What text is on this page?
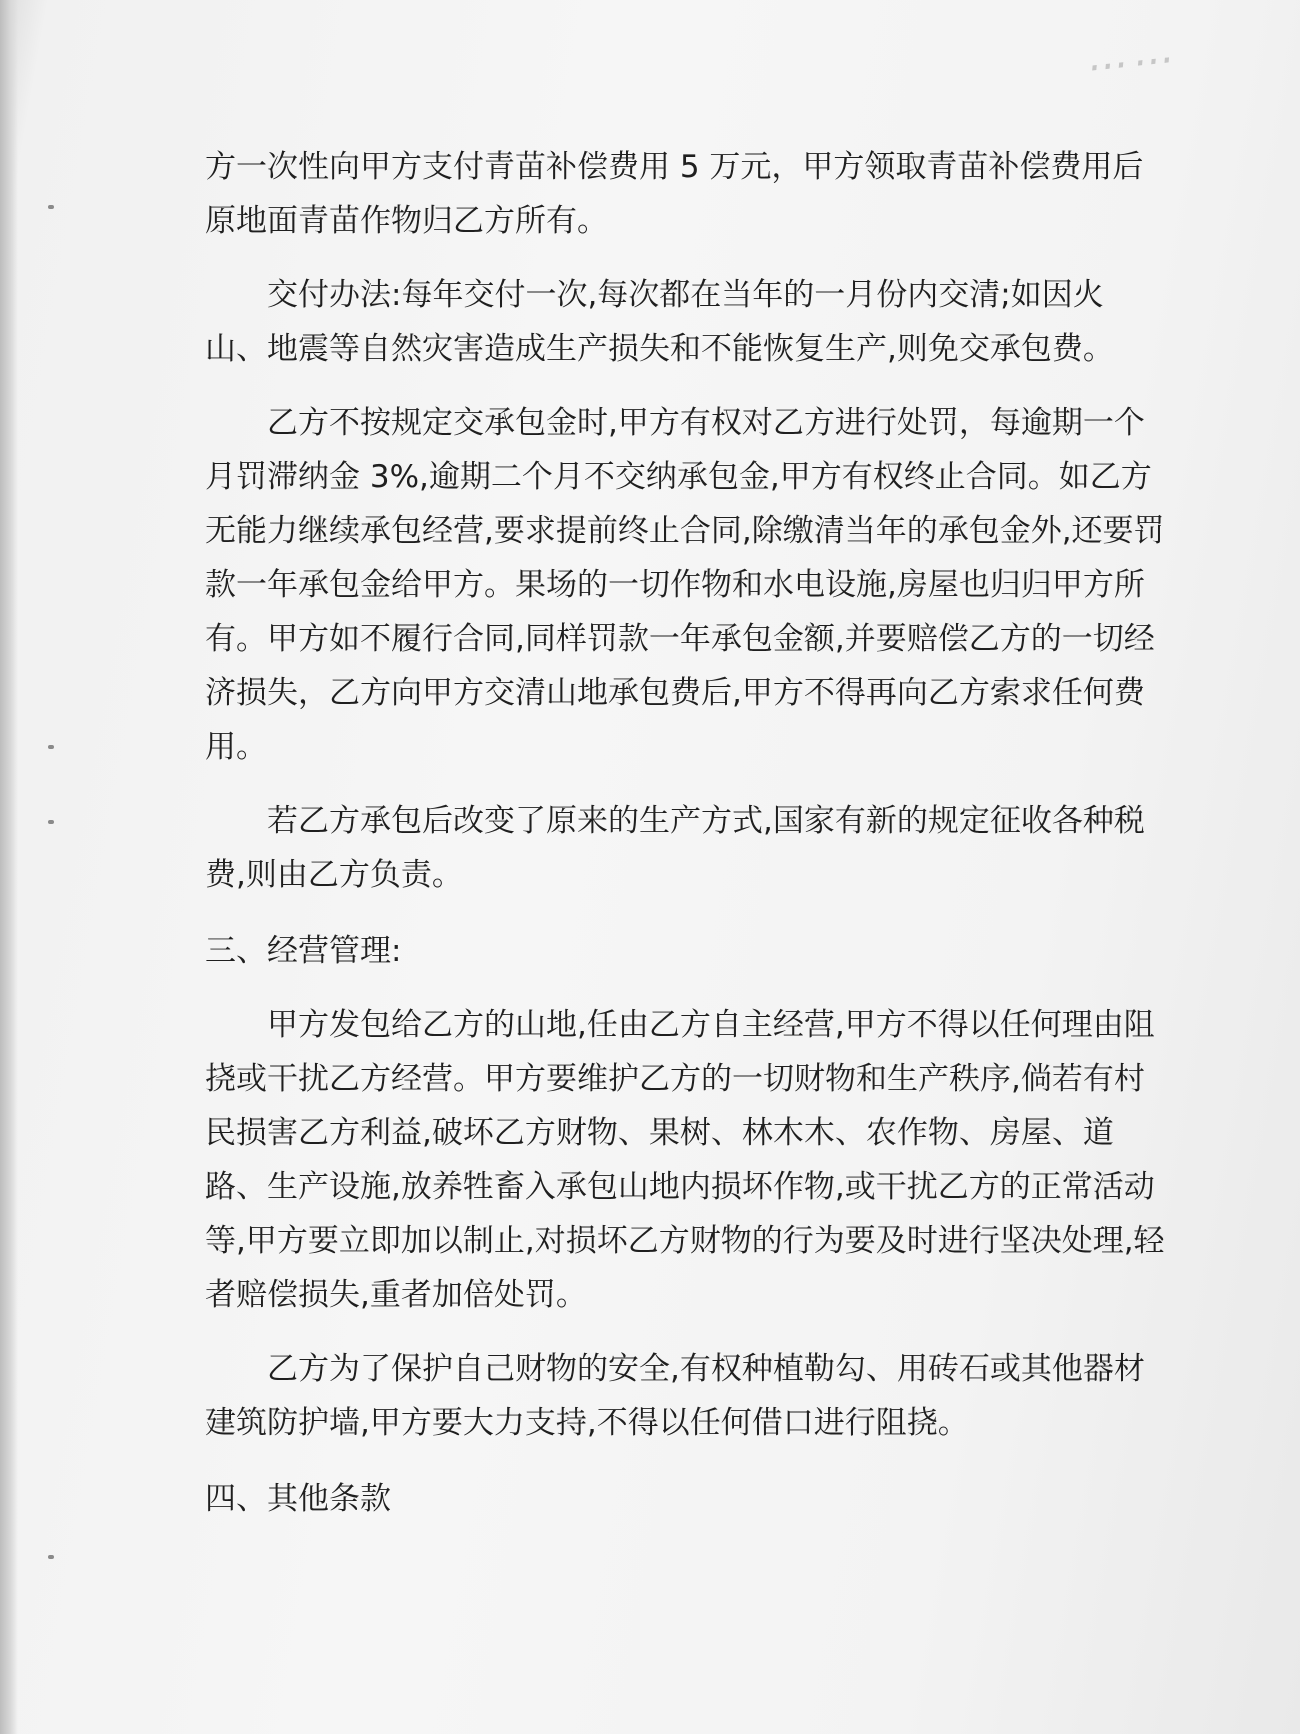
……

方一次性向甲方支付青苗补偿费用 5 万元，甲方领取青苗补偿费用后原地面青苗作物归乙方所有。

交付办法:每年交付一次,每次都在当年的一月份内交清;如因火山、地震等自然灾害造成生产损失和不能恢复生产,则免交承包费。

乙方不按规定交承包金时,甲方有权对乙方进行处罚，每逾期一个月罚滞纳金 3%,逾期二个月不交纳承包金,甲方有权终止合同。如乙方无能力继续承包经营,要求提前终止合同,除缴清当年的承包金外,还要罚款一年承包金给甲方。果场的一切作物和水电设施,房屋也归归甲方所有。甲方如不履行合同,同样罚款一年承包金额,并要赔偿乙方的一切经济损失，乙方向甲方交清山地承包费后,甲方不得再向乙方索求任何费用。

若乙方承包后改变了原来的生产方式,国家有新的规定征收各种税费,则由乙方负责。

三、经营管理:

甲方发包给乙方的山地,任由乙方自主经营,甲方不得以任何理由阻挠或干扰乙方经营。甲方要维护乙方的一切财物和生产秩序,倘若有村民损害乙方利益,破坏乙方财物、果树、林木木、农作物、房屋、道路、生产设施,放养牲畜入承包山地内损坏作物,或干扰乙方的正常活动等,甲方要立即加以制止,对损坏乙方财物的行为要及时进行坚决处理,轻者赔偿损失,重者加倍处罚。

乙方为了保护自己财物的安全,有权种植勒勾、用砖石或其他器材建筑防护墙,甲方要大力支持,不得以任何借口进行阻挠。

四、其他条款
